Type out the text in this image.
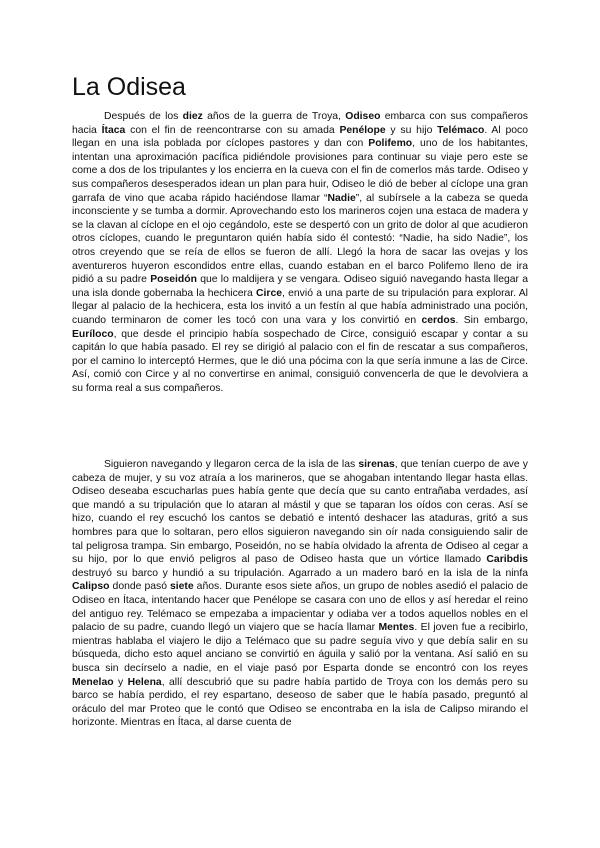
La Odisea

Después de los diez años de la guerra de Troya, Odiseo embarca con sus compañeros hacia Ítaca con el fin de reencontrarse con su amada Penélope y su hijo Telémaco. Al poco llegan en una isla poblada por cíclopes pastores y dan con Polifemo, uno de los habitantes, intentan una aproximación pacífica pidiéndole provisiones para continuar su viaje pero este se come a dos de los tripulantes y los encierra en la cueva con el fin de comerlos más tarde. Odiseo y sus compañeros desesperados idean un plan para huir, Odiseo le dió de beber al cíclope una gran garrafa de vino que acaba rápido haciéndose llamar “Nadie”, al subírsele a la cabeza se queda inconsciente y se tumba a dormir. Aprovechando esto los marineros cojen una estaca de madera y se la clavan al cíclope en el ojo cegándolo, este se despertó con un grito de dolor al que acudieron otros cíclopes, cuando le preguntaron quién había sido él contestó: “Nadie, ha sido Nadie”, los otros creyendo que se reía de ellos se fueron de allí. Llegó la hora de sacar las ovejas y los aventureros huyeron escondidos entre ellas, cuando estaban en el barco Polifemo lleno de ira pidió a su padre Poseidón que lo maldijera y se vengara. Odiseo siguió navegando hasta llegar a una isla donde gobernaba la hechicera Circe, envió a una parte de su tripulación para explorar. Al llegar al palacio de la hechicera, esta los invitó a un festín al que había administrado una poción, cuando terminaron de comer les tocó con una vara y los convirtió en cerdos. Sin embargo, Euríloco, que desde el principio había sospechado de Circe, consiguió escapar y contar a su capitán lo que había pasado. El rey se dirigió al palacio con el fin de rescatar a sus compañeros, por el camino lo interceptó Hermes, que le dió una pócima con la que sería inmune a las de Circe. Así, comió con Circe y al no convertirse en animal, consiguió convencerla de que le devolviera a su forma real a sus compañeros.

Siguieron navegando y llegaron cerca de la isla de las sirenas, que tenían cuerpo de ave y cabeza de mujer, y su voz atraía a los marineros, que se ahogaban intentando llegar hasta ellas. Odiseo deseaba escucharlas pues había gente que decía que su canto entrañaba verdades, así que mandó a su tripulación que lo ataran al mástil y que se taparan los oídos con ceras. Así se hizo, cuando el rey escuchó los cantos se debatió e intentó deshacer las ataduras, gritó a sus hombres para que lo soltaran, pero ellos siguieron navegando sin oír nada consiguiendo salir de tal peligrosa trampa. Sin embargo, Poseidón, no se había olvidado la afrenta de Odiseo al cegar a su hijo, por lo que envió peligros al paso de Odiseo hasta que un vórtice llamado Caribdis destruyó su barco y hundió a su tripulación. Agarrado a un madero baró en la isla de la ninfa Calipso donde pasó siete años. Durante esos siete años, un grupo de nobles asedió el palacio de Odiseo en Ítaca, intentando hacer que Penélope se casara con uno de ellos y así heredar el reino del antiguo rey. Telémaco se empezaba a impacientar y odiaba ver a todos aquellos nobles en el palacio de su padre, cuando llegó un viajero que se hacía llamar Mentes. El joven fue a recibirlo, mientras hablaba el viajero le dijo a Telémaco que su padre seguía vivo y que debía salir en su búsqueda, dicho esto aquel anciano se convirtió en águila y salió por la ventana. Así salió en su busca sin decírselo a nadie, en el viaje pasó por Esparta donde se encontró con los reyes Menelao y Helena, allí descubrió que su padre había partido de Troya con los demás pero su barco se había perdido, el rey espartano, deseoso de saber que le había pasado, preguntó al oráculo del mar Proteo que le contó que Odiseo se encontraba en la isla de Calipso mirando el horizonte. Mientras en Ítaca, al darse cuenta de
